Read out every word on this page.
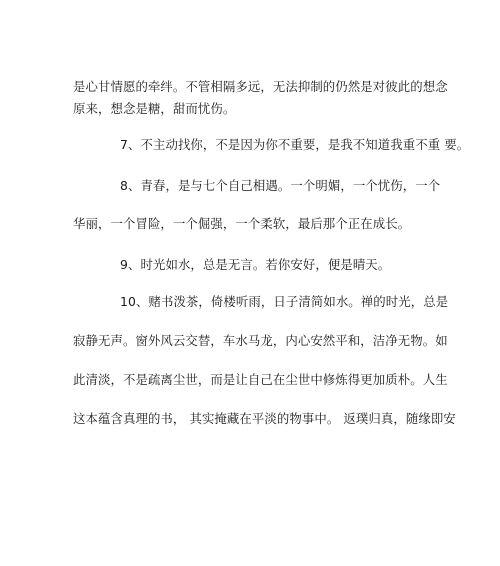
是心甘情愿的牵绊。不管相隔多远，无法抑制的仍然是对彼此的想念
原来，想念是糖，甜而忧伤。
7、不主动找你，不是因为你不重要，是我不知道我重不重 要。
8、青春，是与七个自己相遇。一个明媚，一个忧伤，一个
华丽，一个冒险，一个倔强，一个柔软，最后那个正在成长。
9、时光如水，总是无言。若你安好，便是晴天。
10、赌书泼茶，倚楼听雨，日子清简如水。禅的时光，总是
寂静无声。窗外风云交替，车水马龙，内心安然平和，洁净无物。如
此清淡，不是疏离尘世，而是让自己在尘世中修炼得更加质朴。人生
这本蕴含真理的书， 其实掩藏在平淡的物事中。 返璞归真，随缘即安
